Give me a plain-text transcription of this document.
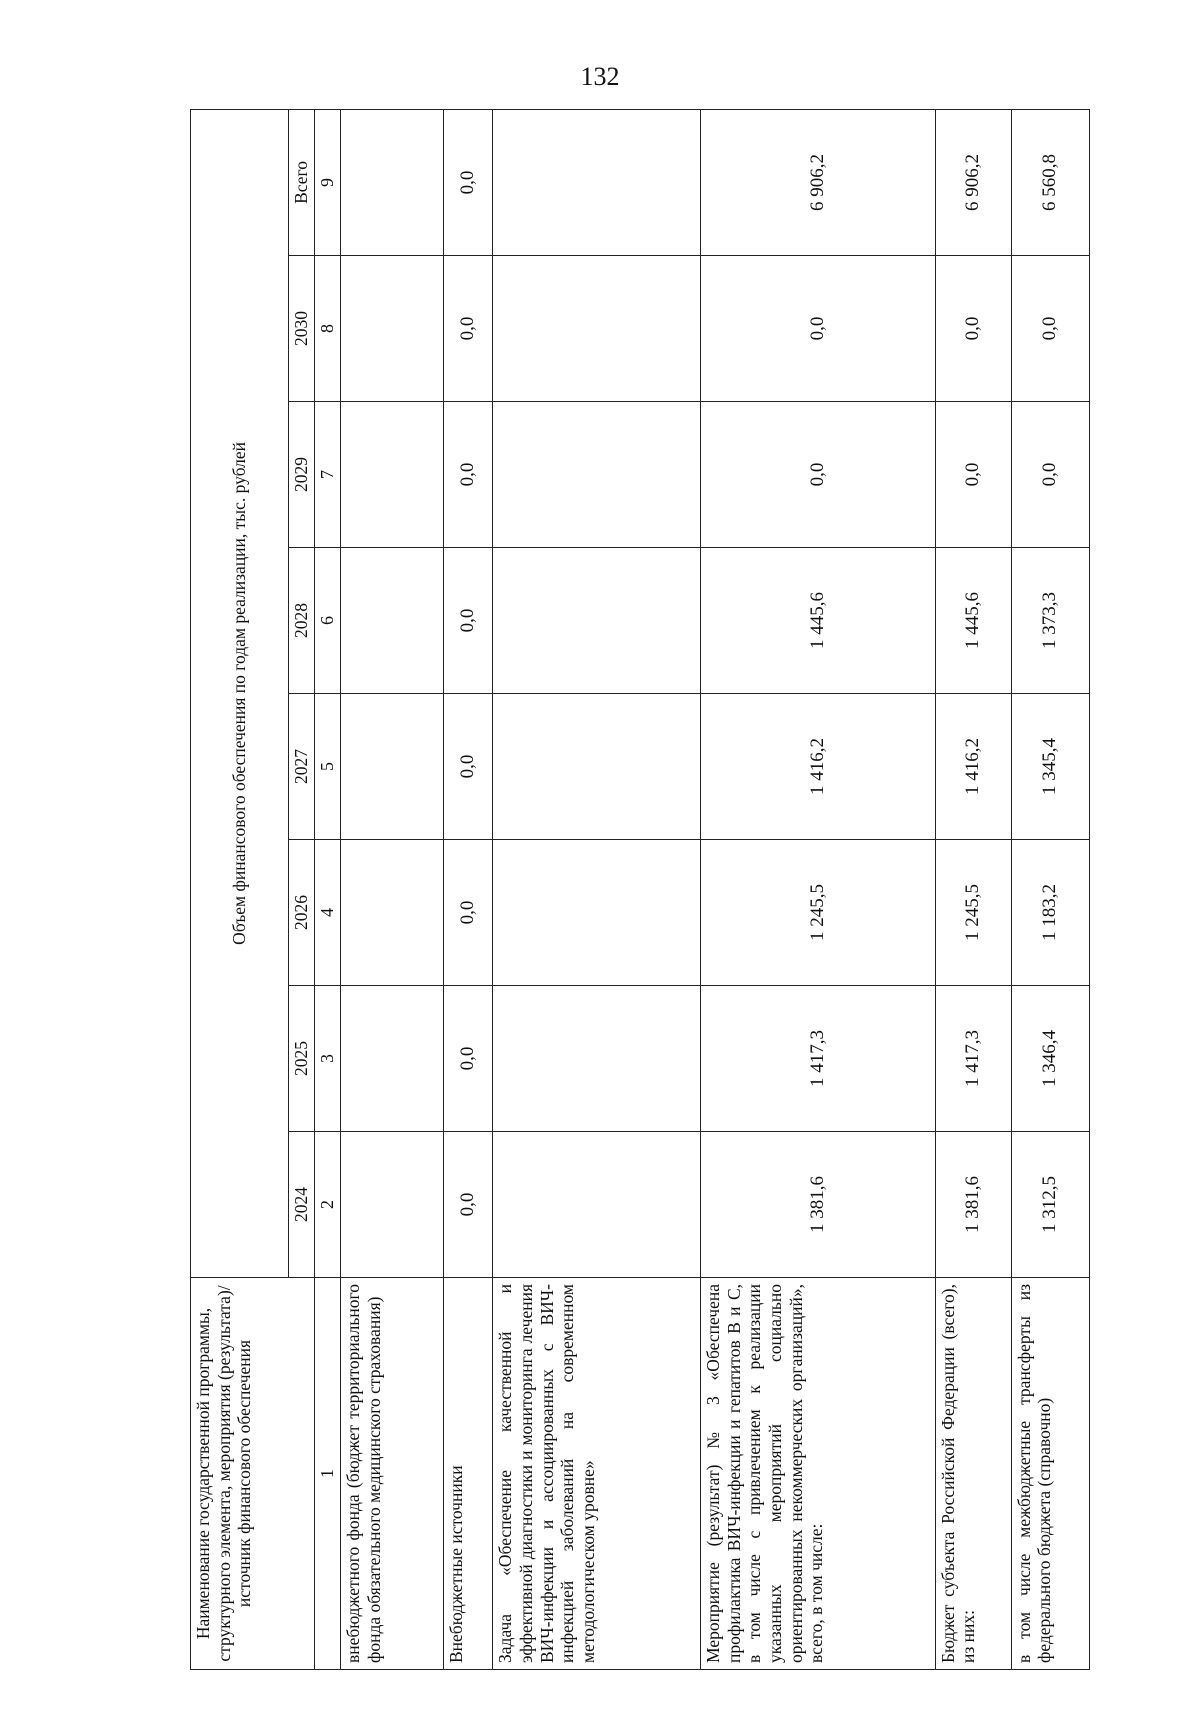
132
Наименование государственной программы, структурного элемента, мероприятия (результата)/источник финансового обеспечения	Объем финансового обеспечения по годам реализации, тыс. рублей							
	2024	2025	2026	2027	2028	2029	2030	Всего
1	2	3	4	5	6	7	8	9
внебюджетного фонда (бюджет территориального фонда обязательного медицинского страхования)								
Внебюджетные источники	0,0	0,0	0,0	0,0	0,0	0,0	0,0	0,0
Задача «Обеспечение качественной и эффективной диагностики и мониторинга лечения ВИЧ-инфекции и ассоциированных с ВИЧ-инфекцией заболеваний на современном методологическом уровне»								
Мероприятие (результат) № 3 «Обеспечена профилактика ВИЧ-инфекции и гепатитов В и С, в том числе с привлечением к реализации указанных мероприятий социально ориентированных некоммерческих организаций», всего, в том числе:	1 381,6	1 417,3	1 245,5	1 416,2	1 445,6	0,0	0,0	6 906,2
Бюджет субъекта Российской Федерации (всего), из них:	1 381,6	1 417,3	1 245,5	1 416,2	1 445,6	0,0	0,0	6 906,2
в том числе межбюджетные трансферты из федерального бюджета (справочно)	1 312,5	1 346,4	1 183,2	1 345,4	1 373,3	0,0	0,0	6 560,8
